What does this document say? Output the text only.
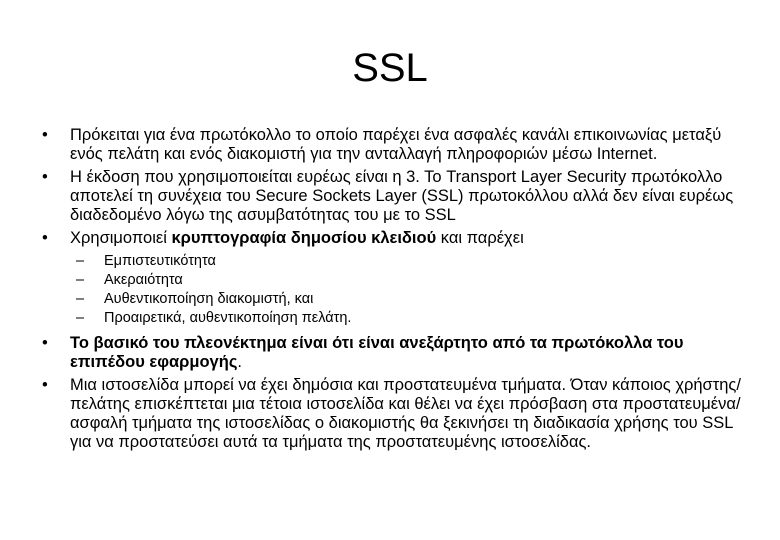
SSL
• Πρόκειται για ένα πρωτόκολλο το οποίο παρέχει ένα ασφαλές κανάλι επικοινωνίας μεταξύ ενός πελάτη και ενός διακομιστή για την ανταλλαγή πληροφοριών μέσω Internet.
• Η έκδοση που χρησιμοποιείται ευρέως είναι η 3. Το Transport Layer Security πρωτόκολλο αποτελεί τη συνέχεια του Secure Sockets Layer (SSL) πρωτοκόλλου αλλά δεν είναι ευρέως διαδεδομένο λόγω της ασυμβατότητας του με το SSL
• Χρησιμοποιεί κρυπτογραφία δημοσίου κλειδιού και παρέχει
– Εμπιστευτικότητα
– Ακεραιότητα
– Αυθεντικοποίηση διακομιστή, και
– Προαιρετικά, αυθεντικοποίηση πελάτη.
• Το βασικό του πλεονέκτημα είναι ότι είναι ανεξάρτητο από τα πρωτόκολλα του επιπέδου εφαρμογής.
• Μια ιστοσελίδα μπορεί να έχει δημόσια και προστατευμένα τμήματα. Όταν κάποιος χρήστης/πελάτης επισκέπτεται μια τέτοια ιστοσελίδα και θέλει να έχει πρόσβαση στα προστατευμένα/ασφαλή τμήματα της ιστοσελίδας ο διακομιστής θα ξεκινήσει τη διαδικασία χρήσης του SSL για να προστατεύσει αυτά τα τμήματα της προστατευμένης ιστοσελίδας.
